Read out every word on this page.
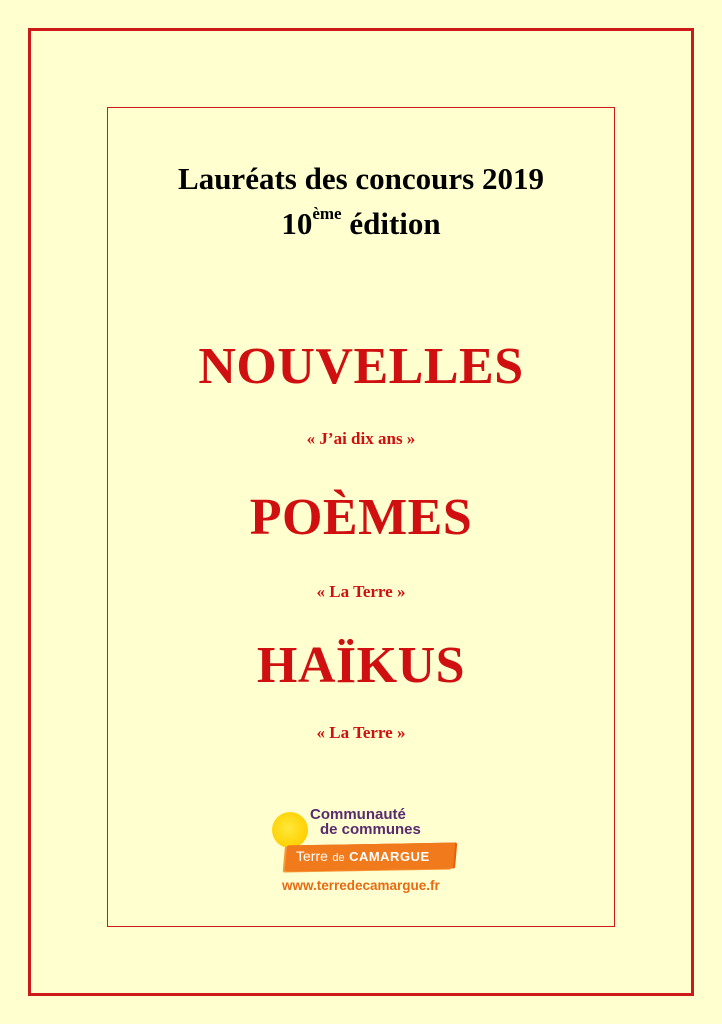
Lauréats des concours 2019

10ème édition

NOUVELLES

« J’ai dix ans »

POÈMES

« La Terre »

HAÏKUS

« La Terre »

Communauté
de communes
Terre de CAMARGUE
www.terredecamargue.fr
